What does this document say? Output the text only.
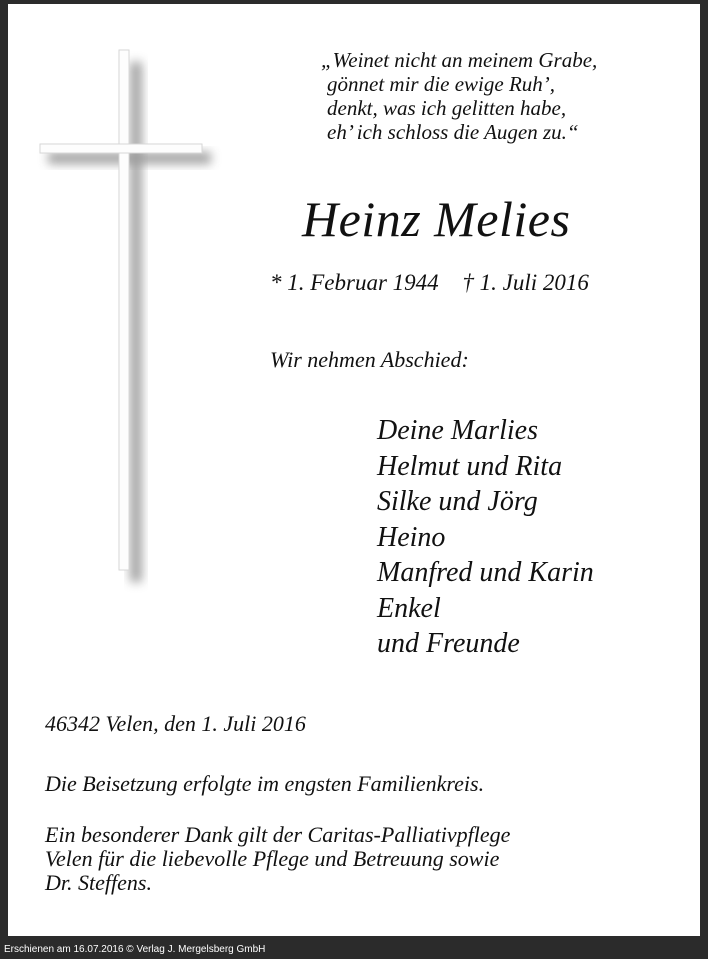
„Weinet nicht an meinem Grabe,
gönnet mir die ewige Ruh’,
denkt, was ich gelitten habe,
eh’ ich schloss die Augen zu.“
Heinz Melies
* 1. Februar 1944 † 1. Juli 2016
Wir nehmen Abschied:
Deine Marlies
Helmut und Rita
Silke und Jörg
Heino
Manfred und Karin
Enkel
und Freunde
46342 Velen, den 1. Juli 2016
Die Beisetzung erfolgte im engsten Familienkreis.
Ein besonderer Dank gilt der Caritas-Palliativpflege
Velen für die liebevolle Pflege und Betreuung sowie
Dr. Steffens.
Erschienen am 16.07.2016 © Verlag J. Mergelsberg GmbH
